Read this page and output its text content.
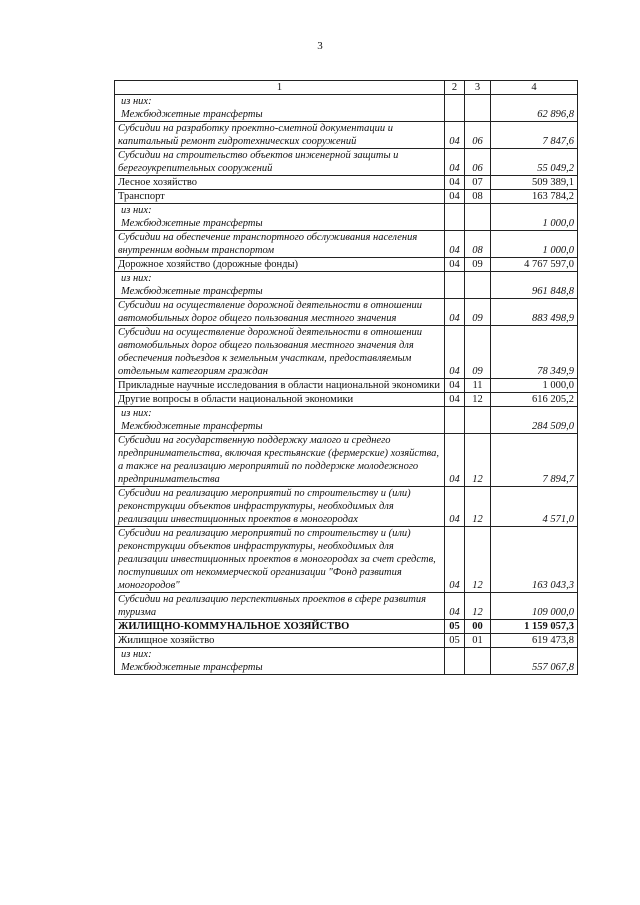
3
1	2	3	4

из них:
Межбюджетные трансферты			62 896,8

Субсидии на разработку проектно-сметной документации и капитальный ремонт гидротехнических сооружений	04	06	7 847,6

Субсидии на строительство объектов инженерной защиты и берегоукрепительных сооружений	04	06	55 049,2

Лесное хозяйство	04	07	509 389,1

Транспорт	04	08	163 784,2

из них:
Межбюджетные трансферты			1 000,0

Субсидии на обеспечение транспортного обслуживания населения внутренним водным транспортом	04	08	1 000,0

Дорожное хозяйство (дорожные фонды)	04	09	4 767 597,0

из них:
Межбюджетные трансферты			961 848,8

Субсидии на осуществление дорожной деятельности в отношении автомобильных дорог общего пользования местного значения	04	09	883 498,9

Субсидии на осуществление дорожной деятельности в отношении автомобильных дорог общего пользования местного значения для обеспечения подъездов к земельным участкам, предоставляемым отдельным категориям граждан	04	09	78 349,9

Прикладные научные исследования в области национальной экономики	04	11	1 000,0

Другие вопросы в области национальной экономики	04	12	616 205,2

из них:
Межбюджетные трансферты			284 509,0

Субсидии на государственную поддержку малого и среднего предпринимательства, включая крестьянские (фермерские) хозяйства, а также на реализацию мероприятий по поддержке молодежного предпринимательства	04	12	7 894,7

Субсидии на реализацию мероприятий по строительству и (или) реконструкции объектов инфраструктуры, необходимых для реализации инвестиционных проектов в моногородах	04	12	4 571,0

Субсидии на реализацию мероприятий по строительству и (или) реконструкции объектов инфраструктуры, необходимых для реализации инвестиционных проектов в моногородах за счет средств, поступивших от некоммерческой организации "Фонд развития моногородов"	04	12	163 043,3

Субсидии на реализацию перспективных проектов в сфере развития туризма	04	12	109 000,0

ЖИЛИЩНО-КОММУНАЛЬНОЕ ХОЗЯЙСТВО	05	00	1 159 057,3

Жилищное хозяйство	05	01	619 473,8

из них:
Межбюджетные трансферты			557 067,8
